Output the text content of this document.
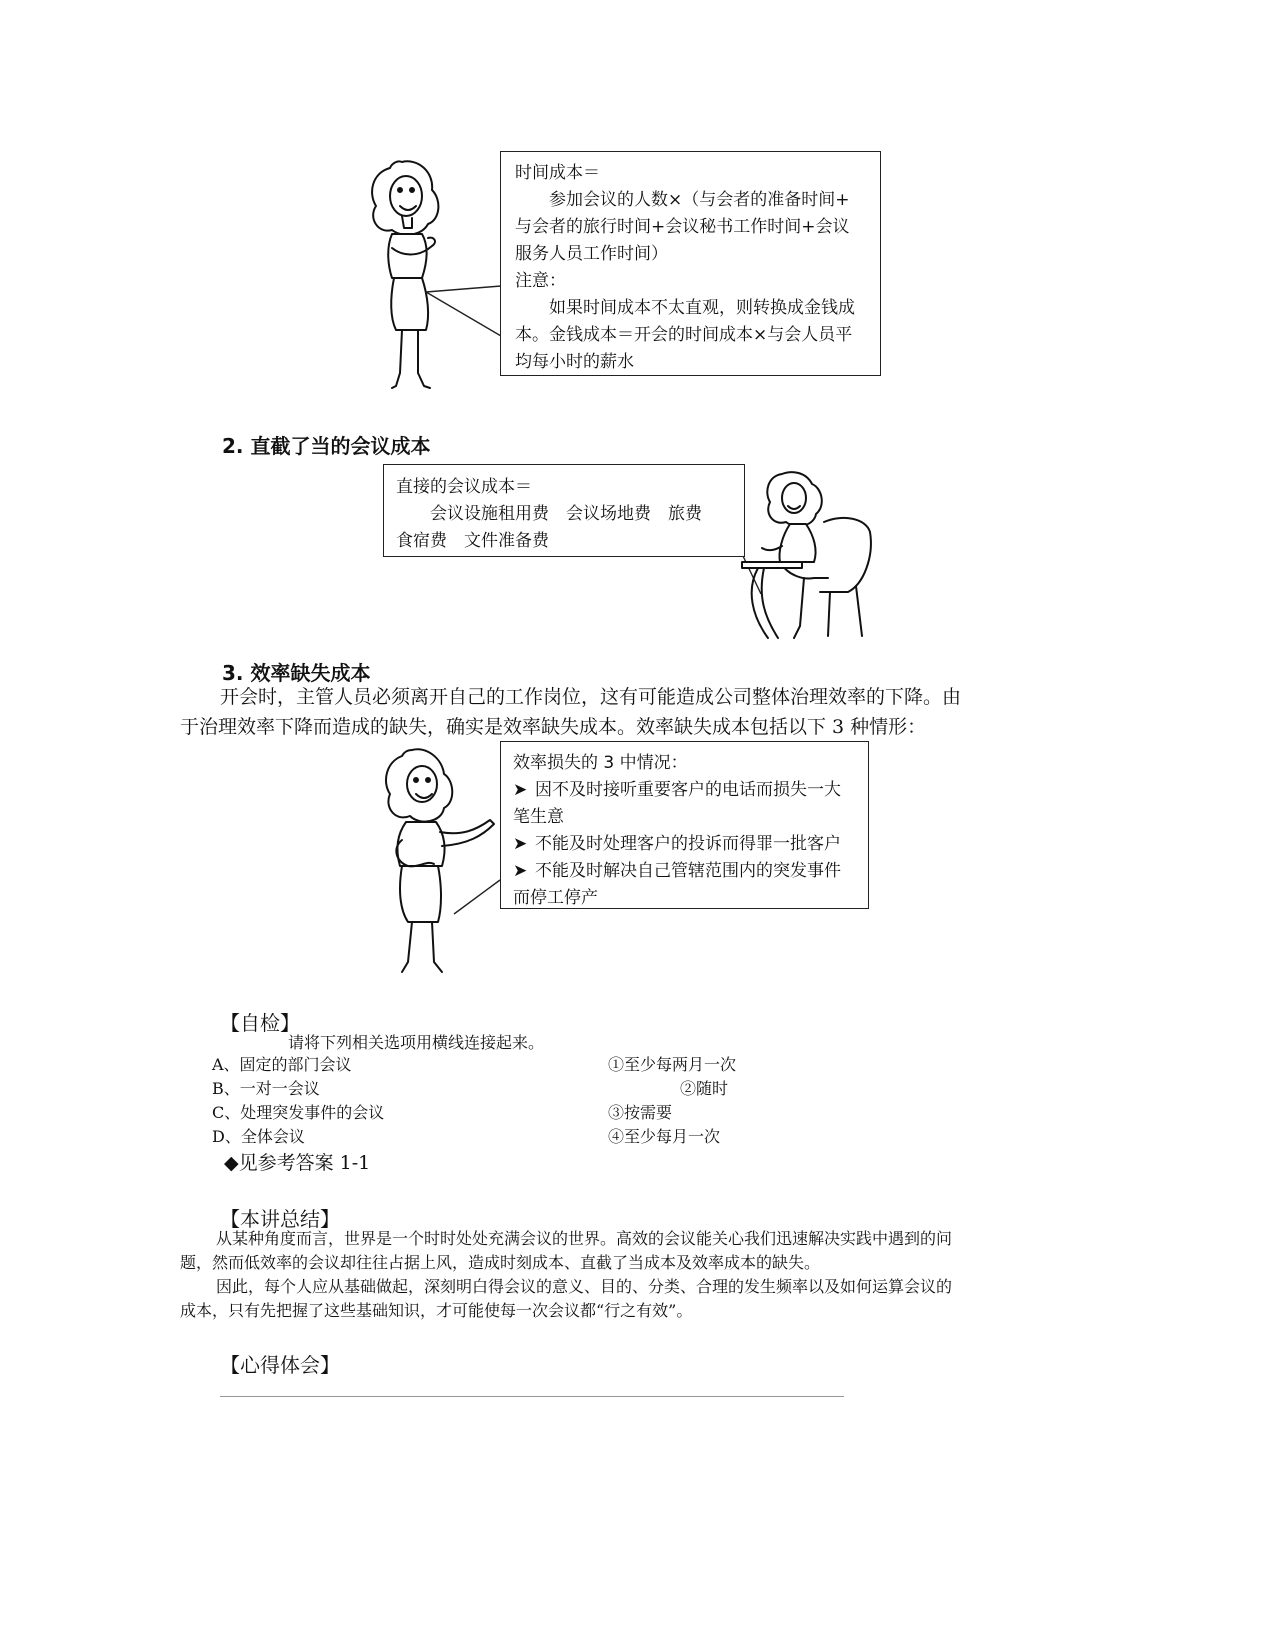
时间成本＝
参加会议的人数×（与会者的准备时间+
与会者的旅行时间+会议秘书工作时间+会议
服务人员工作时间）
注意：
如果时间成本不太直观，则转换成金钱成
本。金钱成本＝开会的时间成本×与会人员平
均每小时的薪水
2. 直截了当的会议成本
直接的会议成本＝
会议设施租用费　会议场地费　旅费
食宿费　文件准备费
3. 效率缺失成本
开会时，主管人员必须离开自己的工作岗位，这有可能造成公司整体治理效率的下降。由
于治理效率下降而造成的缺失，确实是效率缺失成本。效率缺失成本包括以下 3 种情形：
效率损失的 3 中情况：
➤ 因不及时接听重要客户的电话而损失一大
笔生意
➤ 不能及时处理客户的投诉而得罪一批客户
➤ 不能及时解决自己管辖范围内的突发事件
而停工停产
【自检】
请将下列相关选项用横线连接起来。
A、固定的部门会议
B、一对一会议
C、处理突发事件的会议
D、全体会议
①至少每两月一次
②随时
③按需要
④至少每月一次
◆见参考答案 1-1
【本讲总结】
从某种角度而言，世界是一个时时处处充满会议的世界。高效的会议能关心我们迅速解决实践中遇到的问
题，然而低效率的会议却往往占据上风，造成时刻成本、直截了当成本及效率成本的缺失。
因此，每个人应从基础做起，深刻明白得会议的意义、目的、分类、合理的发生频率以及如何运算会议的
成本，只有先把握了这些基础知识，才可能使每一次会议都“行之有效”。
【心得体会】
